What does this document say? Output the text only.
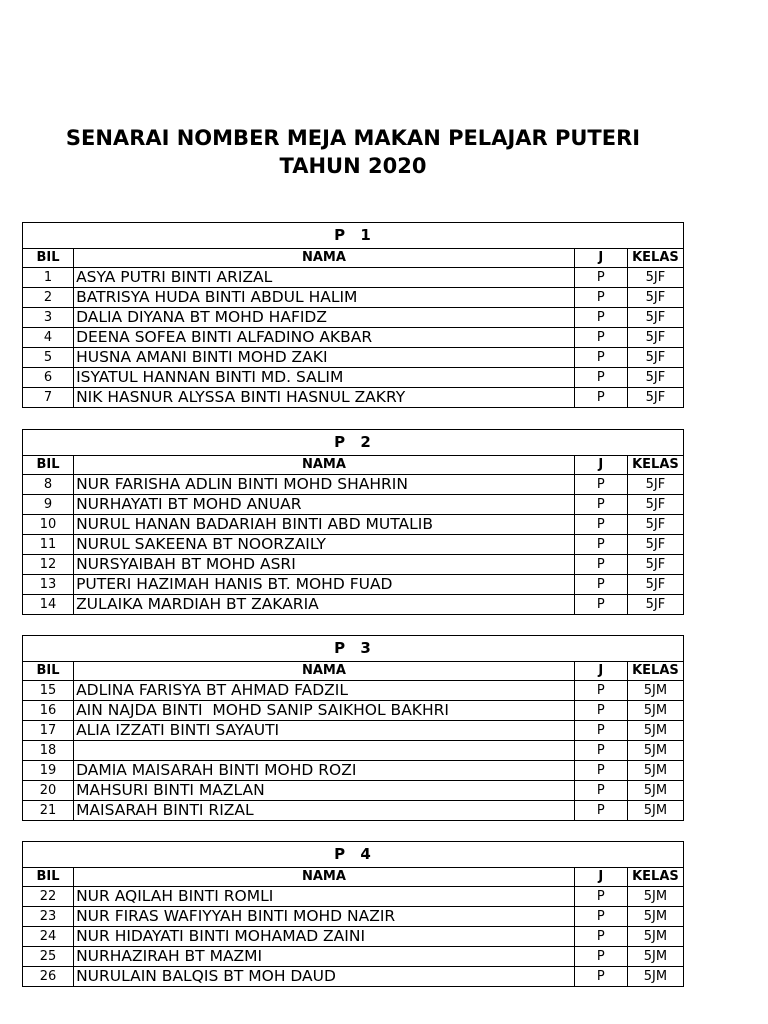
SENARAI NOMBER MEJA MAKAN PELAJAR PUTERI
TAHUN 2020
P 1			
BIL	NAMA	J	KELAS
1	ASYA PUTRI BINTI ARIZAL	P	5JF
2	BATRISYA HUDA BINTI ABDUL HALIM	P	5JF
3	DALIA DIYANA BT MOHD HAFIDZ	P	5JF
4	DEENA SOFEA BINTI ALFADINO AKBAR	P	5JF
5	HUSNA AMANI BINTI MOHD ZAKI	P	5JF
6	ISYATUL HANNAN BINTI MD. SALIM	P	5JF
7	NIK HASNUR ALYSSA BINTI HASNUL ZAKRY	P	5JF
P 2			
BIL	NAMA	J	KELAS
8	NUR FARISHA ADLIN BINTI MOHD SHAHRIN	P	5JF
9	NURHAYATI BT MOHD ANUAR	P	5JF
10	NURUL HANAN BADARIAH BINTI ABD MUTALIB	P	5JF
11	NURUL SAKEENA BT NOORZAILY	P	5JF
12	NURSYAIBAH BT MOHD ASRI	P	5JF
13	PUTERI HAZIMAH HANIS BT. MOHD FUAD	P	5JF
14	ZULAIKA MARDIAH BT ZAKARIA	P	5JF
P 3			
BIL	NAMA	J	KELAS
15	ADLINA FARISYA BT AHMAD FADZIL	P	5JM
16	AIN NAJDA BINTI  MOHD SANIP SAIKHOL BAKHRI	P	5JM
17	ALIA IZZATI BINTI SAYAUTI	P	5JM
18		P	5JM
19	DAMIA MAISARAH BINTI MOHD ROZI	P	5JM
20	MAHSURI BINTI MAZLAN	P	5JM
21	MAISARAH BINTI RIZAL	P	5JM
P 4			
BIL	NAMA	J	KELAS
22	NUR AQILAH BINTI ROMLI	P	5JM
23	NUR FIRAS WAFIYYAH BINTI MOHD NAZIR	P	5JM
24	NUR HIDAYATI BINTI MOHAMAD ZAINI	P	5JM
25	NURHAZIRAH BT MAZMI	P	5JM
26	NURULAIN BALQIS BT MOH DAUD	P	5JM
